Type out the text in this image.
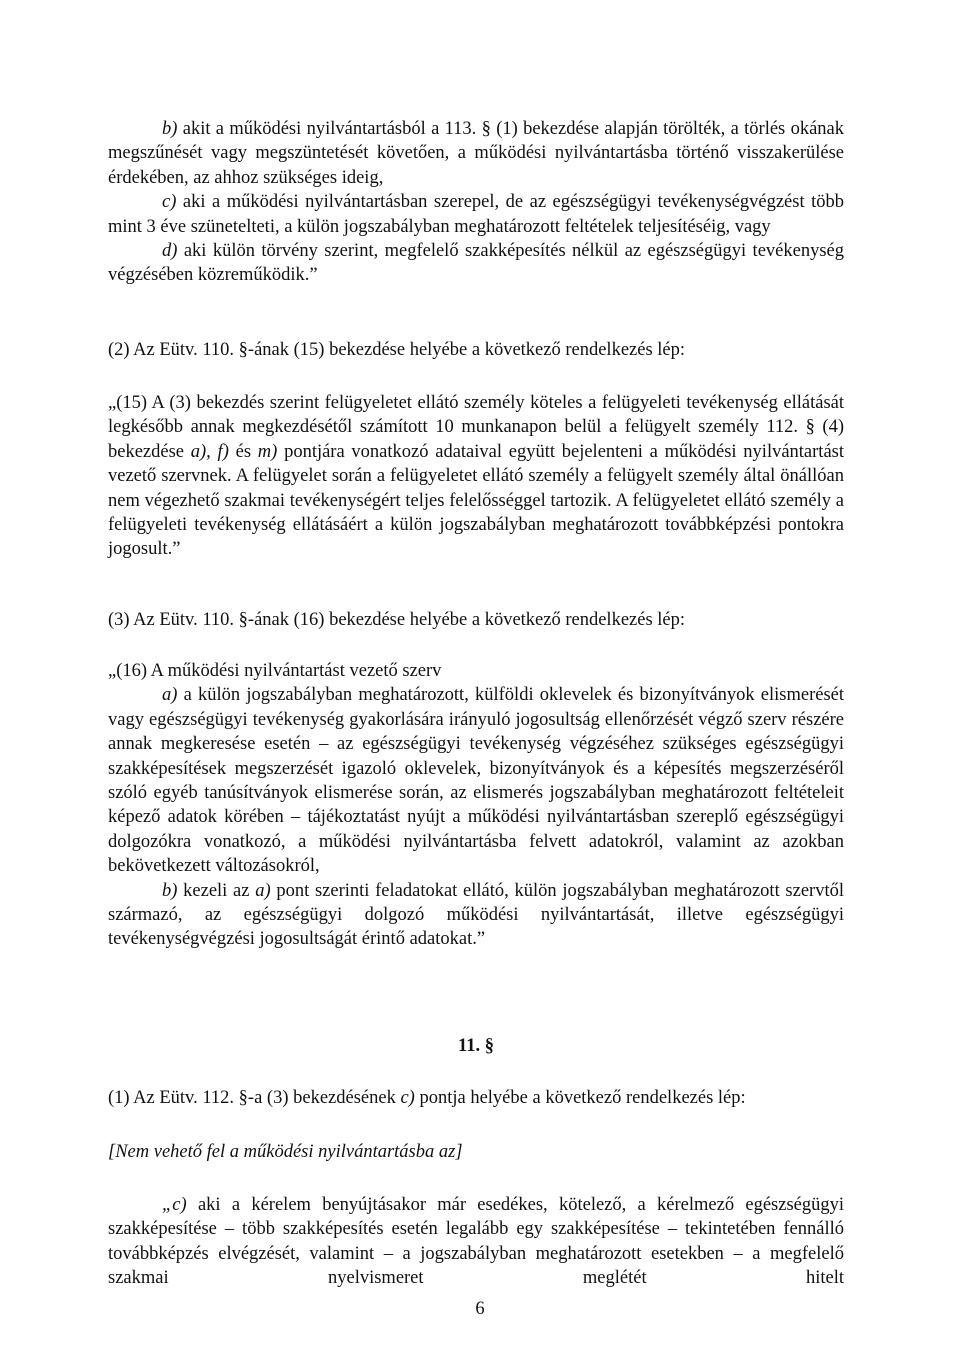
b) akit a működési nyilvántartásból a 113. § (1) bekezdése alapján törölték, a törlés okának megszűnését vagy megszüntetését követően, a működési nyilvántartásba történő visszakerülése érdekében, az ahhoz szükséges ideig,

c) aki a működési nyilvántartásban szerepel, de az egészségügyi tevékenységvégzést több mint 3 éve szünetelteti, a külön jogszabályban meghatározott feltételek teljesítéséig, vagy

d) aki külön törvény szerint, megfelelő szakképesítés nélkül az egészségügyi tevékenység végzésében közreműködik.”

(2) Az Eütv. 110. §-ának (15) bekezdése helyébe a következő rendelkezés lép:

„(15) A (3) bekezdés szerint felügyeletet ellátó személy köteles a felügyeleti tevékenység ellátását legkésőbb annak megkezdésétől számított 10 munkanapon belül a felügyelt személy 112. § (4) bekezdése a), f) és m) pontjára vonatkozó adataival együtt bejelenteni a működési nyilvántartást vezető szervnek. A felügyelet során a felügyeletet ellátó személy a felügyelt személy által önállóan nem végezhető szakmai tevékenységért teljes felelősséggel tartozik. A felügyeletet ellátó személy a felügyeleti tevékenység ellátásáért a külön jogszabályban meghatározott továbbképzési pontokra jogosult.”

(3) Az Eütv. 110. §-ának (16) bekezdése helyébe a következő rendelkezés lép:

„(16) A működési nyilvántartást vezető szerv

a) a külön jogszabályban meghatározott, külföldi oklevelek és bizonyítványok elismerését vagy egészségügyi tevékenység gyakorlására irányuló jogosultság ellenőrzését végző szerv részére annak megkeresése esetén – az egészségügyi tevékenység végzéséhez szükséges egészségügyi szakképesítések megszerzését igazoló oklevelek, bizonyítványok és a képesítés megszerzéséről szóló egyéb tanúsítványok elismerése során, az elismerés jogszabályban meghatározott feltételeit képező adatok körében – tájékoztatást nyújt a működési nyilvántartásban szereplő egészségügyi dolgozókra vonatkozó, a működési nyilvántartásba felvett adatokról, valamint az azokban bekövetkezett változásokról,

b) kezeli az a) pont szerinti feladatokat ellátó, külön jogszabályban meghatározott szervtől származó, az egészségügyi dolgozó működési nyilvántartását, illetve egészségügyi tevékenységvégzési jogosultságát érintő adatokat.”

11. §

(1) Az Eütv. 112. §-a (3) bekezdésének c) pontja helyébe a következő rendelkezés lép:

[Nem vehető fel a működési nyilvántartásba az]

„c) aki a kérelem benyújtásakor már esedékes, kötelező, a kérelmező egészségügyi szakképesítése – több szakképesítés esetén legalább egy szakképesítése – tekintetében fennálló továbbképzés elvégzését, valamint – a jogszabályban meghatározott esetekben – a megfelelő szakmai nyelvismeret meglétét hitelt

6
